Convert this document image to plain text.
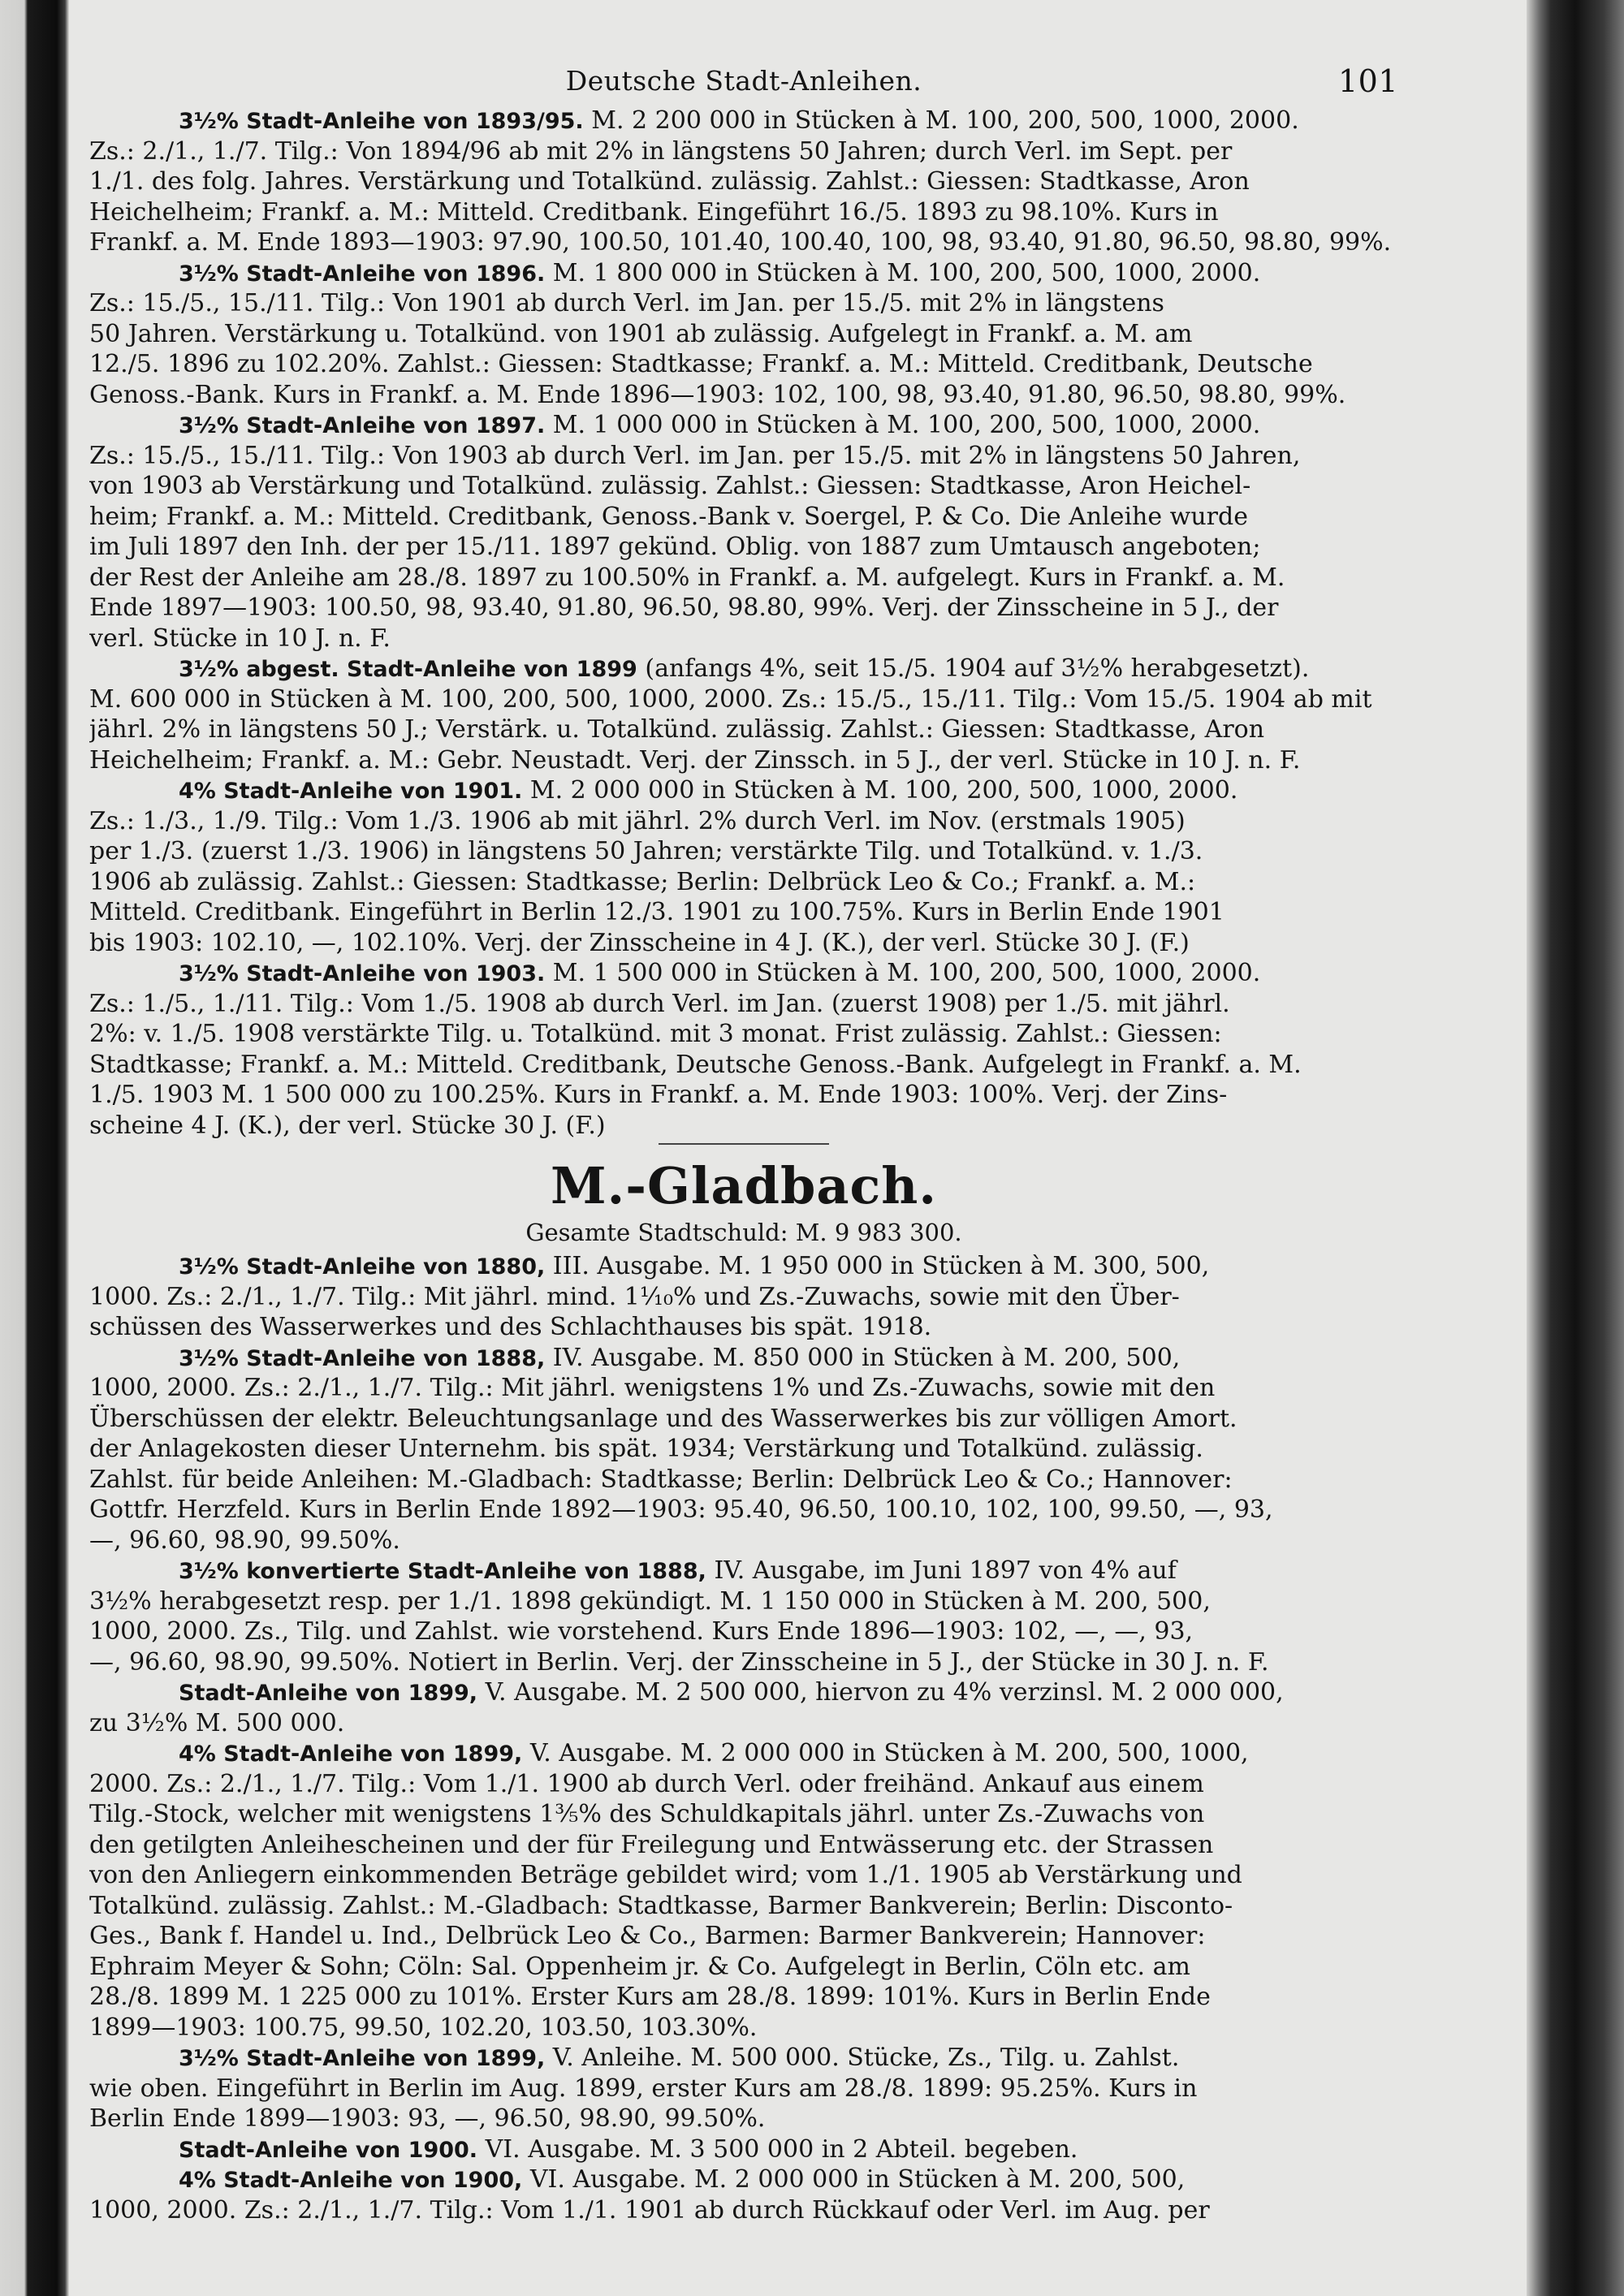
Deutsche Stadt-Anleihen.	101
3½% Stadt-Anleihe von 1893/95. M. 2 200 000 in Stücken à M. 100, 200, 500, 1000, 2000.
Zs.: 2./1., 1./7. Tilg.: Von 1894/96 ab mit 2% in längstens 50 Jahren; durch Verl. im Sept. per
1./1. des folg. Jahres. Verstärkung und Totalkünd. zulässig. Zahlst.: Giessen: Stadtkasse, Aron
Heichelheim; Frankf. a. M.: Mitteld. Creditbank. Eingeführt 16./5. 1893 zu 98.10%. Kurs in
Frankf. a. M. Ende 1893—1903: 97.90, 100.50, 101.40, 100.40, 100, 98, 93.40, 91.80, 96.50, 98.80, 99%.
3½% Stadt-Anleihe von 1896. M. 1 800 000 in Stücken à M. 100, 200, 500, 1000, 2000.
Zs.: 15./5., 15./11. Tilg.: Von 1901 ab durch Verl. im Jan. per 15./5. mit 2% in längstens
50 Jahren. Verstärkung u. Totalkünd. von 1901 ab zulässig. Aufgelegt in Frankf. a. M. am
12./5. 1896 zu 102.20%. Zahlst.: Giessen: Stadtkasse; Frankf. a. M.: Mitteld. Creditbank, Deutsche
Genoss.-Bank. Kurs in Frankf. a. M. Ende 1896—1903: 102, 100, 98, 93.40, 91.80, 96.50, 98.80, 99%.
3½% Stadt-Anleihe von 1897. M. 1 000 000 in Stücken à M. 100, 200, 500, 1000, 2000.
Zs.: 15./5., 15./11. Tilg.: Von 1903 ab durch Verl. im Jan. per 15./5. mit 2% in längstens 50 Jahren,
von 1903 ab Verstärkung und Totalkünd. zulässig. Zahlst.: Giessen: Stadtkasse, Aron Heichel-
heim; Frankf. a. M.: Mitteld. Creditbank, Genoss.-Bank v. Soergel, P. & Co. Die Anleihe wurde
im Juli 1897 den Inh. der per 15./11. 1897 gekünd. Oblig. von 1887 zum Umtausch angeboten;
der Rest der Anleihe am 28./8. 1897 zu 100.50% in Frankf. a. M. aufgelegt. Kurs in Frankf. a. M.
Ende 1897—1903: 100.50, 98, 93.40, 91.80, 96.50, 98.80, 99%. Verj. der Zinsscheine in 5 J., der
verl. Stücke in 10 J. n. F.
3½% abgest. Stadt-Anleihe von 1899 (anfangs 4%, seit 15./5. 1904 auf 3½% herabgesetzt).
M. 600 000 in Stücken à M. 100, 200, 500, 1000, 2000. Zs.: 15./5., 15./11. Tilg.: Vom 15./5. 1904 ab mit
jährl. 2% in längstens 50 J.; Verstärk. u. Totalkünd. zulässig. Zahlst.: Giessen: Stadtkasse, Aron
Heichelheim; Frankf. a. M.: Gebr. Neustadt. Verj. der Zinssch. in 5 J., der verl. Stücke in 10 J. n. F.
4% Stadt-Anleihe von 1901. M. 2 000 000 in Stücken à M. 100, 200, 500, 1000, 2000.
Zs.: 1./3., 1./9. Tilg.: Vom 1./3. 1906 ab mit jährl. 2% durch Verl. im Nov. (erstmals 1905)
per 1./3. (zuerst 1./3. 1906) in längstens 50 Jahren; verstärkte Tilg. und Totalkünd. v. 1./3.
1906 ab zulässig. Zahlst.: Giessen: Stadtkasse; Berlin: Delbrück Leo & Co.; Frankf. a. M.:
Mitteld. Creditbank. Eingeführt in Berlin 12./3. 1901 zu 100.75%. Kurs in Berlin Ende 1901
bis 1903: 102.10, —, 102.10%. Verj. der Zinsscheine in 4 J. (K.), der verl. Stücke 30 J. (F.)
3½% Stadt-Anleihe von 1903. M. 1 500 000 in Stücken à M. 100, 200, 500, 1000, 2000.
Zs.: 1./5., 1./11. Tilg.: Vom 1./5. 1908 ab durch Verl. im Jan. (zuerst 1908) per 1./5. mit jährl.
2%: v. 1./5. 1908 verstärkte Tilg. u. Totalkünd. mit 3 monat. Frist zulässig. Zahlst.: Giessen:
Stadtkasse; Frankf. a. M.: Mitteld. Creditbank, Deutsche Genoss.-Bank. Aufgelegt in Frankf. a. M.
1./5. 1903 M. 1 500 000 zu 100.25%. Kurs in Frankf. a. M. Ende 1903: 100%. Verj. der Zins-
scheine 4 J. (K.), der verl. Stücke 30 J. (F.)
M.-Gladbach.
Gesamte Stadtschuld: M. 9 983 300.
3½% Stadt-Anleihe von 1880, III. Ausgabe. M. 1 950 000 in Stücken à M. 300, 500,
1000. Zs.: 2./1., 1./7. Tilg.: Mit jährl. mind. 1¹⁄₁₀% und Zs.-Zuwachs, sowie mit den Über-
schüssen des Wasserwerkes und des Schlachthauses bis spät. 1918.
3½% Stadt-Anleihe von 1888, IV. Ausgabe. M. 850 000 in Stücken à M. 200, 500,
1000, 2000. Zs.: 2./1., 1./7. Tilg.: Mit jährl. wenigstens 1% und Zs.-Zuwachs, sowie mit den
Überschüssen der elektr. Beleuchtungsanlage und des Wasserwerkes bis zur völligen Amort.
der Anlagekosten dieser Unternehm. bis spät. 1934; Verstärkung und Totalkünd. zulässig.
Zahlst. für beide Anleihen: M.-Gladbach: Stadtkasse; Berlin: Delbrück Leo & Co.; Hannover:
Gottfr. Herzfeld. Kurs in Berlin Ende 1892—1903: 95.40, 96.50, 100.10, 102, 100, 99.50, —, 93,
—, 96.60, 98.90, 99.50%.
3½% konvertierte Stadt-Anleihe von 1888, IV. Ausgabe, im Juni 1897 von 4% auf
3½% herabgesetzt resp. per 1./1. 1898 gekündigt. M. 1 150 000 in Stücken à M. 200, 500,
1000, 2000. Zs., Tilg. und Zahlst. wie vorstehend. Kurs Ende 1896—1903: 102, —, —, 93,
—, 96.60, 98.90, 99.50%. Notiert in Berlin. Verj. der Zinsscheine in 5 J., der Stücke in 30 J. n. F.
Stadt-Anleihe von 1899, V. Ausgabe. M. 2 500 000, hiervon zu 4% verzinsl. M. 2 000 000,
zu 3½% M. 500 000.
4% Stadt-Anleihe von 1899, V. Ausgabe. M. 2 000 000 in Stücken à M. 200, 500, 1000,
2000. Zs.: 2./1., 1./7. Tilg.: Vom 1./1. 1900 ab durch Verl. oder freihänd. Ankauf aus einem
Tilg.-Stock, welcher mit wenigstens 1³⁄₅% des Schuldkapitals jährl. unter Zs.-Zuwachs von
den getilgten Anleihescheinen und der für Freilegung und Entwässerung etc. der Strassen
von den Anliegern einkommenden Beträge gebildet wird; vom 1./1. 1905 ab Verstärkung und
Totalkünd. zulässig. Zahlst.: M.-Gladbach: Stadtkasse, Barmer Bankverein; Berlin: Disconto-
Ges., Bank f. Handel u. Ind., Delbrück Leo & Co., Barmen: Barmer Bankverein; Hannover:
Ephraim Meyer & Sohn; Cöln: Sal. Oppenheim jr. & Co. Aufgelegt in Berlin, Cöln etc. am
28./8. 1899 M. 1 225 000 zu 101%. Erster Kurs am 28./8. 1899: 101%. Kurs in Berlin Ende
1899—1903: 100.75, 99.50, 102.20, 103.50, 103.30%.
3½% Stadt-Anleihe von 1899, V. Anleihe. M. 500 000. Stücke, Zs., Tilg. u. Zahlst.
wie oben. Eingeführt in Berlin im Aug. 1899, erster Kurs am 28./8. 1899: 95.25%. Kurs in
Berlin Ende 1899—1903: 93, —, 96.50, 98.90, 99.50%.
Stadt-Anleihe von 1900. VI. Ausgabe. M. 3 500 000 in 2 Abteil. begeben.
4% Stadt-Anleihe von 1900, VI. Ausgabe. M. 2 000 000 in Stücken à M. 200, 500,
1000, 2000. Zs.: 2./1., 1./7. Tilg.: Vom 1./1. 1901 ab durch Rückkauf oder Verl. im Aug. per
